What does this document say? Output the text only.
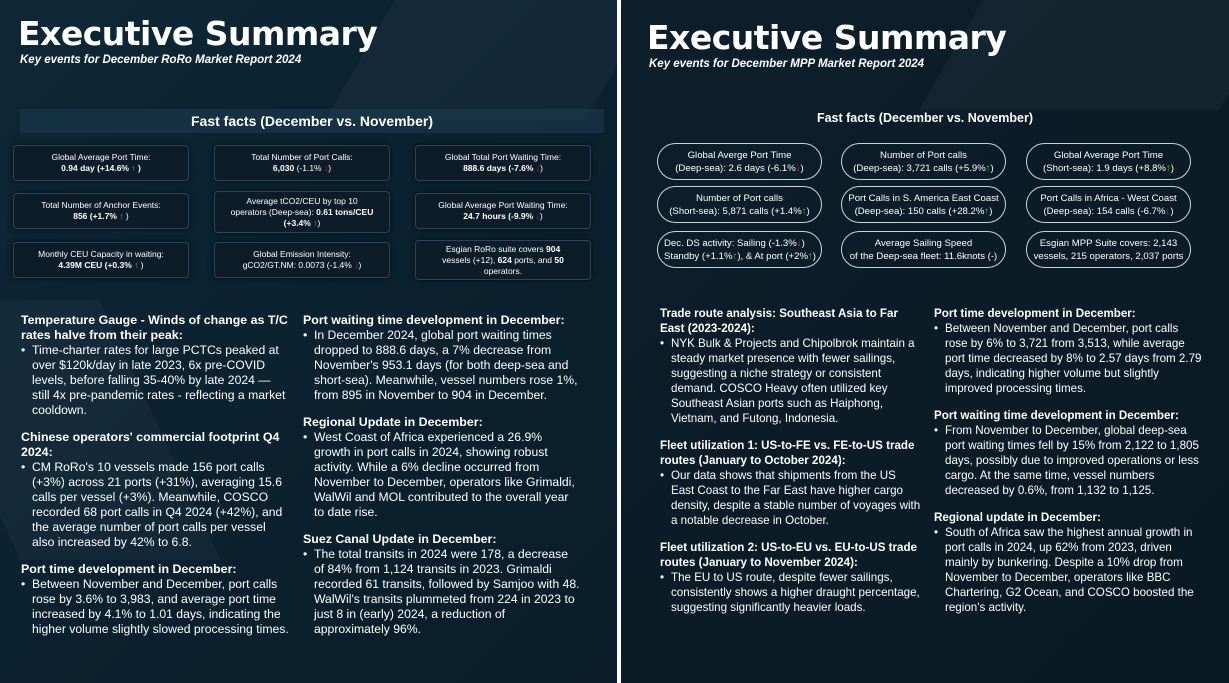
Executive Summary
Key events for December RoRo Market Report 2024
Fast facts (December vs. November)
Global Average Port Time:
0.94 day (+14.6% ↑ )
Total Number of Port Calls:
6,030 (-1.1% ↓)
Global Total Port Waiting Time:
888.6 days (-7.6% ↓)
Total Number of Anchor Events:
856 (+1.7% ↑ )
Average tCO2/CEU by top 10
operators (Deep-sea): 0.61 tons/CEU
(+3.4% ↑)
Global Average Port Waiting Time:
24.7 hours (-9.9% ↓)
Monthly CEU Capacity in waiting:
4.39M CEU (+0.3% ↑ )
Global Emission Intensity:
gCO2/GT.NM: 0.0073 (-1.4% ↓)
Esgian RoRo suite covers 904
vessels (+12), 624 ports, and 50
operators.
Temperature Gauge - Winds of change as T/C rates halve from their peak:

• Time-charter rates for large PCTCs peaked at over $120k/day in late 2023, 6x pre-COVID levels, before falling 35-40% by late 2024 — still 4x pre-pandemic rates - reflecting a market cooldown.

Chinese operators' commercial footprint Q4 2024:

• CM RoRo's 10 vessels made 156 port calls (+3%) across 21 ports (+31%), averaging 15.6 calls per vessel (+3%). Meanwhile, COSCO recorded 68 port calls in Q4 2024 (+42%), and the average number of port calls per vessel also increased by 42% to 6.8.

Port time development in December:

• Between November and December, port calls rose by 3.6% to 3,983, and average port time increased by 4.1% to 1.01 days, indicating the higher volume slightly slowed processing times.

Port waiting time development in December:

• In December 2024, global port waiting times dropped to 888.6 days, a 7% decrease from November's 953.1 days (for both deep-sea and short-sea). Meanwhile, vessel numbers rose 1%, from 895 in November to 904 in December.

Regional Update in December:

• West Coast of Africa experienced a 26.9% growth in port calls in 2024, showing robust activity. While a 6% decline occurred from November to December, operators like Grimaldi, WalWil and MOL contributed to the overall year to date rise.

Suez Canal Update in December:

• The total transits in 2024 were 178, a decrease of 84% from 1,124 transits in 2023. Grimaldi recorded 61 transits, followed by Samjoo with 48. WalWil's transits plummeted from 224 in 2023 to just 8 in (early) 2024, a reduction of approximately 96%.

Executive Summary
Key events for December MPP Market Report 2024
Fast facts (December vs. November)
Global Averge Port Time
(Deep-sea): 2.6 days (-6.1%↓)
Number of Port calls
(Deep-sea): 3,721 calls (+5.9%↑)
Global Average Port Time
(Short-sea): 1.9 days (+8.8%↑)
Number of Port calls
(Short-sea): 5,871 calls (+1.4%↑)
Port Calls in S. America East Coast
(Deep-sea): 150 calls (+28.2%↑)
Port Calls in Africa - West Coast
(Deep-sea): 154 calls (-6.7%↓)
Dec. DS activity: Sailing (-1.3%↓)
Standby (+1.1%↑), & At port (+2%↑)
Average Sailing Speed
of the Deep-sea fleet: 11.6knots (-)
Esgian MPP Suite covers: 2,143
vessels, 215 operators, 2,037 ports
Trade route analysis: Southeast Asia to Far East (2023-2024):

• NYK Bulk & Projects and Chipolbrok maintain a steady market presence with fewer sailings, suggesting a niche strategy or consistent demand. COSCO Heavy often utilized key Southeast Asian ports such as Haiphong, Vietnam, and Futong, Indonesia.

Fleet utilization 1: US-to-FE vs. FE-to-US trade routes (January to October 2024):

• Our data shows that shipments from the US East Coast to the Far East have higher cargo density, despite a stable number of voyages with a notable decrease in October.

Fleet utilization 2: US-to-EU vs. EU-to-US trade routes (January to November 2024):

• The EU to US route, despite fewer sailings, consistently shows a higher draught percentage, suggesting significantly heavier loads.

Port time development in December:

• Between November and December, port calls rose by 6% to 3,721 from 3,513, while average port time decreased by 8% to 2.57 days from 2.79 days, indicating higher volume but slightly improved processing times.

Port waiting time development in December:

• From November to December, global deep-sea port waiting times fell by 15% from 2,122 to 1,805 days, possibly due to improved operations or less cargo. At the same time, vessel numbers decreased by 0.6%, from 1,132 to 1,125.

Regional update in December:

• South of Africa saw the highest annual growth in port calls in 2024, up 62% from 2023, driven mainly by bunkering. Despite a 10% drop from November to December, operators like BBC Chartering, G2 Ocean, and COSCO boosted the region's activity.
